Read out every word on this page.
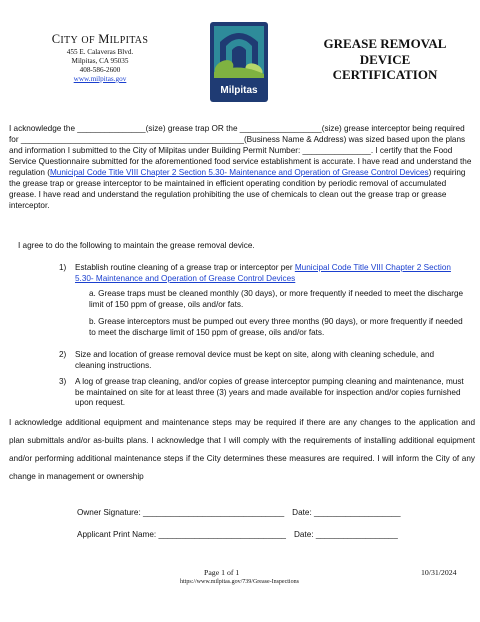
CITY OF MILPITAS
455 E. Calaveras Blvd.
Milpitas, CA 95035
408-586-2600
www.milpitas.gov
Milpitas
GREASE REMOVAL
DEVICE
CERTIFICATION
I acknowledge the _______________(size) grease trap OR the __________________(size) grease interceptor being required for _________________________________________________(Business Name & Address) was sized based upon the plans and information I submitted to the City of Milpitas under Building Permit Number: _______________. I certify that the Food Service Questionnaire submitted for the aforementioned food service establishment is accurate. I have read and understand the regulation (Municipal Code Title VIII Chapter 2 Section 5.30- Maintenance and Operation of Grease Control Devices) requiring the grease trap or grease interceptor to be maintained in efficient operating condition by periodic removal of accumulated grease. I have read and understand the regulation prohibiting the use of chemicals to clean out the grease trap or grease interceptor.
I agree to do the following to maintain the grease removal device.
1) Establish routine cleaning of a grease trap or interceptor per Municipal Code Title VIII Chapter 2 Section 5.30- Maintenance and Operation of Grease Control Devices
a. Grease traps must be cleaned monthly (30 days), or more frequently if needed to meet the discharge limit of 150 ppm of grease, oils and/or fats.
b. Grease interceptors must be pumped out every three months (90 days), or more frequently if needed to meet the discharge limit of 150 ppm of grease, oils and/or fats.
2) Size and location of grease removal device must be kept on site, along with cleaning schedule, and cleaning instructions.
3) A log of grease trap cleaning, and/or copies of grease interceptor pumping cleaning and maintenance, must be maintained on site for at least three (3) years and made available for inspection and/or copies furnished upon request.
I acknowledge additional equipment and maintenance steps may be required if there are any changes to the application and plan submittals and/or as-builts plans. I acknowledge that I will comply with the requirements of installing additional equipment and/or performing additional maintenance steps if the City determines these measures are required. I will inform the City of any change in management or ownership
Owner Signature: _______________________________ Date: ___________________
Applicant Print Name: ____________________________ Date: __________________
Page 1 of 1	10/31/2024
https://www.milpitas.gov/739/Grease-Inspections
